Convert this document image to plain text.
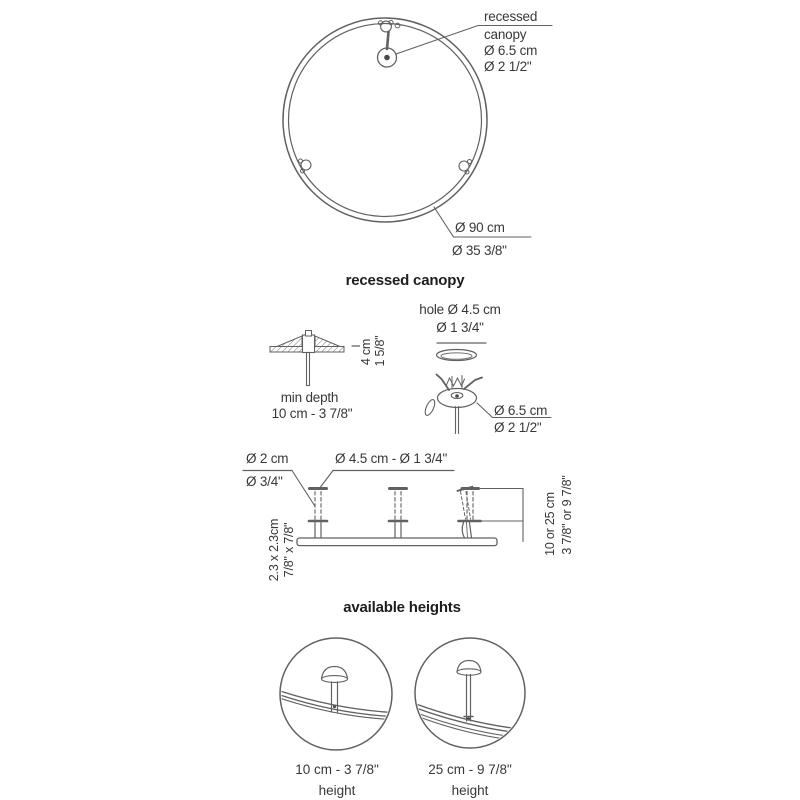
recessed
canopy
Ø 6.5 cm
Ø 2 1/2"
Ø 90 cm
Ø 35 3/8"
recessed canopy
hole Ø 4.5 cm
Ø 1 3/4"
4 cm 1 5/8"
min depth
10 cm - 3 7/8"	Ø 6.5 cm
Ø 2 1/2"
Ø 2 cm
Ø 3/4"
Ø 4.5 cm - Ø 1 3/4"
2.3 x 2.3cm 7/8" x 7/8"	10 or 25 cm 3 7/8" or 9 7/8"
available heights
10 cm - 3 7/8"
height
25 cm - 9 7/8"
height
